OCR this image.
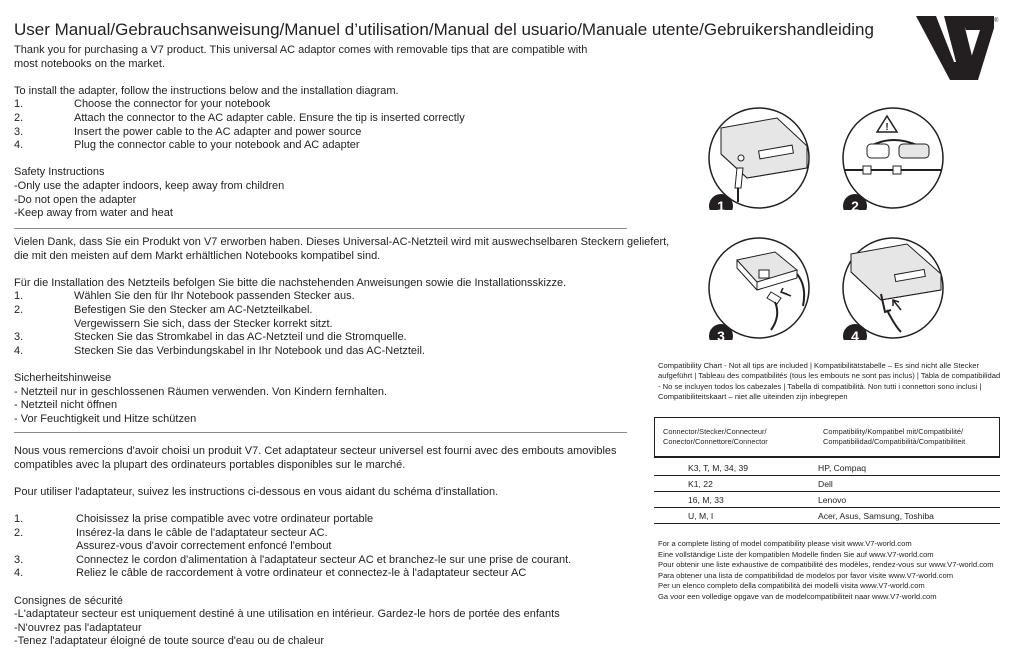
User Manual/Gebrauchsanweisung/Manuel d’utilisation/Manual del usuario/Manuale utente/Gebruikershandleiding	®

Thank you for purchasing a V7 product. This universal AC adaptor comes with removable tips that are compatible with

most notebooks on the market.

To install the adapter, follow the instructions below and the installation diagram.

1.	Choose the connector for your notebook
2.	Attach the connector to the AC adapter cable. Ensure the tip is inserted correctly
3.	Insert the power cable to the AC adapter and power source
4.	Plug the connector cable to your notebook and AC adapter

Safety Instructions

-Only use the adapter indoors, keep away from children

-Do not open the adapter

-Keep away from water and heat

Vielen Dank, dass Sie ein Produkt von V7 erworben haben. Dieses Universal-AC-Netzteil wird mit auswechselbaren Steckern geliefert,

die mit den meisten auf dem Markt erhältlichen Notebooks kompatibel sind.

Für die Installation des Netzteils befolgen Sie bitte die nachstehenden Anweisungen sowie die Installationsskizze.

1.	Wählen Sie den für Ihr Notebook passenden Stecker aus.
2.	Befestigen Sie den Stecker am AC-Netzteilkabel.
Vergewissern Sie sich, dass der Stecker korrekt sitzt.
3.	Stecken Sie das Stromkabel in das AC-Netzteil und die Stromquelle.
4.	Stecken Sie das Verbindungskabel in Ihr Notebook und das AC-Netzteil.

Sicherheitshinweise

- Netzteil nur in geschlossenen Räumen verwenden. Von Kindern fernhalten.

- Netzteil nicht öffnen

- Vor Feuchtigkeit und Hitze schützen

Nous vous remercions d'avoir choisi un produit V7. Cet adaptateur secteur universel est fourni avec des embouts amovibles

compatibles avec la plupart des ordinateurs portables disponibles sur le marché.

Pour utiliser l'adaptateur, suivez les instructions ci-dessous en vous aidant du schéma d'installation.

1.	Choisissez la prise compatible avec votre ordinateur portable
2.	Insérez-la dans le câble de l'adaptateur secteur AC.
Assurez-vous d'avoir correctement enfoncé l'embout
3.	Connectez le cordon d'alimentation à l'adaptateur secteur AC et branchez-le sur une prise de courant.
4.	Reliez le câble de raccordement à votre ordinateur et connectez-le à l'adaptateur secteur AC

Consignes de sécurité

-L'adaptateur secteur est uniquement destiné à une utilisation en intérieur. Gardez-le hors de portée des enfants

-N'ouvrez pas l'adaptateur

-Tenez l'adaptateur éloigné de toute source d'eau ou de chaleur

1
!
2
3	4

Compatibility Chart - Not all tips are included | Kompatibilitätstabelle – Es sind nicht alle Stecker

aufgeführt | Tableau des compatibilités (tous les embouts ne sont pas inclus) | Tabla de compatibilidad

- No se incluyen todos los cabezales | Tabella di compatibilità. Non tutti i connettori sono inclusi |

Compatibiliteitskaart – niet alle uiteinden zijn inbegrepen

Connector/Stecker/Connecteur/
Conector/Connettore/Connector
Compatibility/Kompatibel mit/Compatibilité/
Compatibilidad/Compatibilità/Compatibiliteit
K3, T, M, 34, 39	HP, Compaq
K1, 22	Dell
16, M, 33	Lenovo
U, M, I	Acer, Asus, Samsung, Toshiba

For a complete listing of model compatibility please visit www.V7-world.com

Eine vollständige Liste der kompatiblen Modelle finden Sie auf www.V7-world.com

Pour obtenir une liste exhaustive de compatibilité des modèles, rendez-vous sur www.V7-world.com

Para obtener una lista de compatibilidad de modelos por favor visite www.V7-world.com

Per un elenco completo della compatibilità dei modelli visita www.V7-world.com

Ga voor een volledige opgave van de modelcompatibiliteit naar www.V7-world.com
